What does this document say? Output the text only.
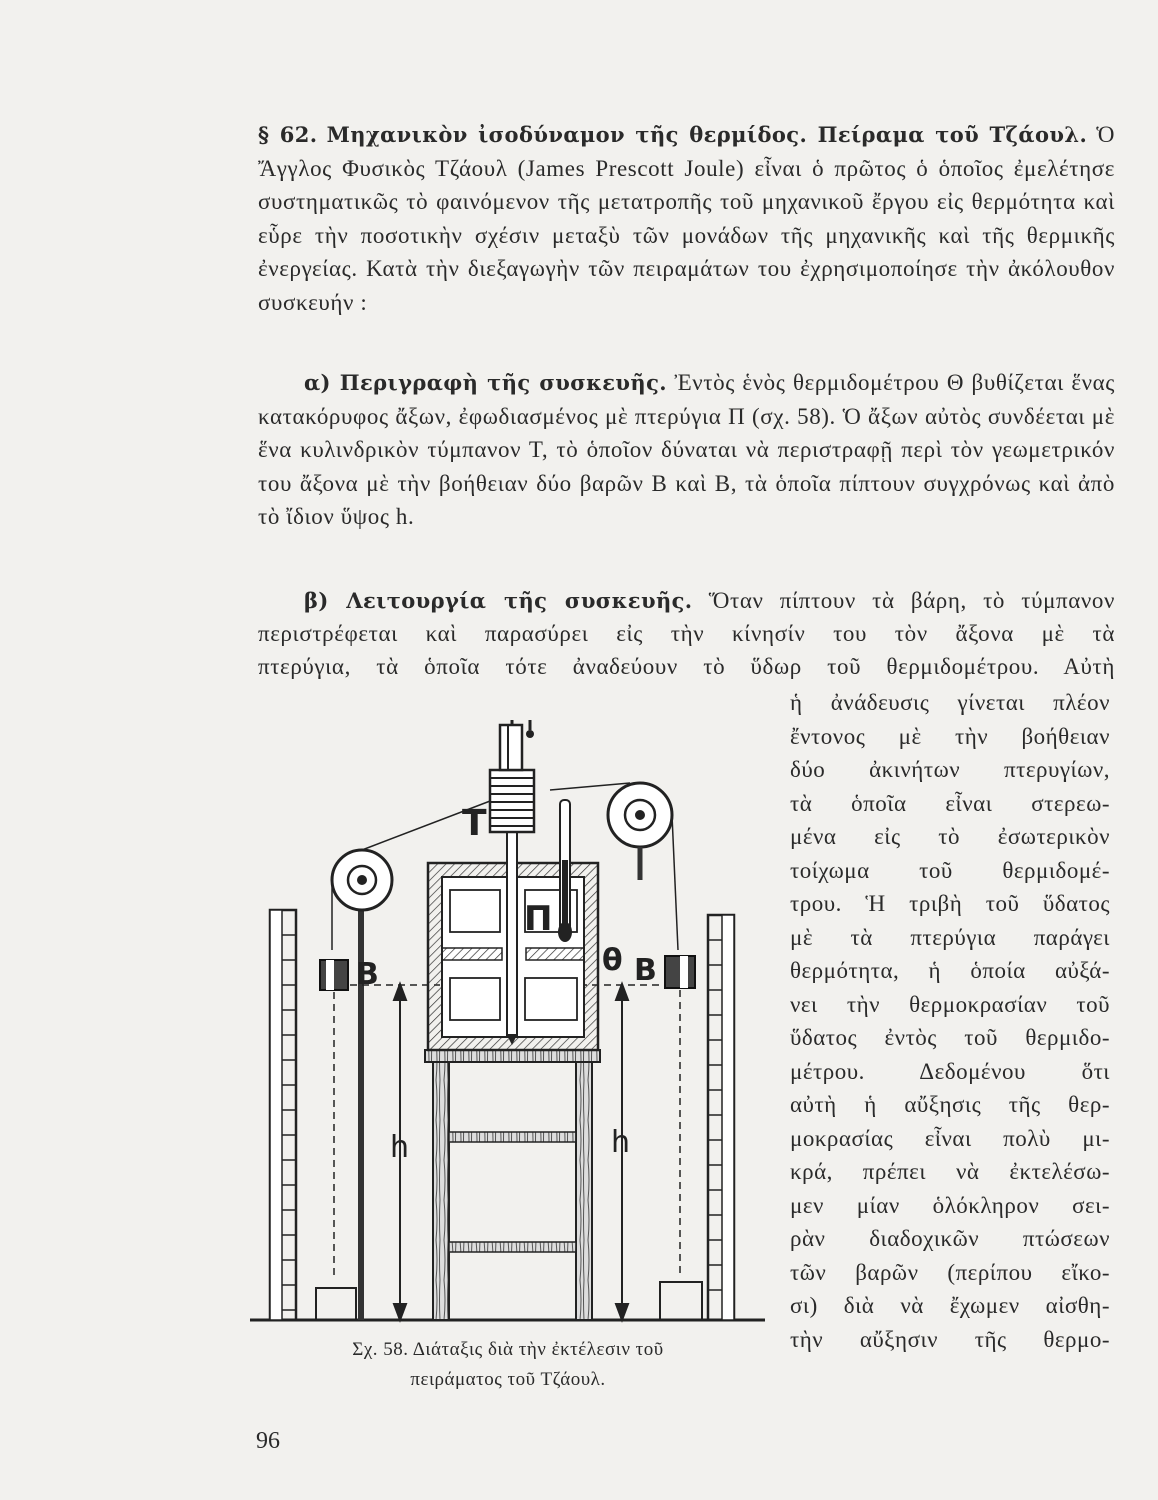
§ 62. Μηχανικὸν ἰσοδύναμον τῆς θερμίδος. Πείραμα τοῦ Τζάουλ. Ὁ Ἄγγλος Φυσικὸς Τζάουλ (James Prescott Joule) εἶναι ὁ πρῶτος ὁ ὁποῖος ἐμελέτησε συστηματικῶς τὸ φαινόμενον τῆς μετατροπῆς τοῦ μηχανικοῦ ἔργου εἰς θερμότητα καὶ εὗρε τὴν ποσοτικὴν σχέσιν μεταξὺ τῶν μονάδων τῆς μηχανικῆς καὶ τῆς θερμικῆς ἐνεργείας. Κατὰ τὴν διεξαγωγὴν τῶν πειραμάτων του ἐχρησιμοποίησε τὴν ἀκόλουθον συσκευήν :
α) Περιγραφὴ τῆς συσκευῆς. Ἐντὸς ἑνὸς θερμιδομέτρου Θ βυθίζεται ἕνας κατακόρυφος ἄξων, ἐφωδιασμένος μὲ πτερύγια Π (σχ. 58). Ὁ ἄξων αὐτὸς συνδέεται μὲ ἕνα κυλινδρικὸν τύμπανον Τ, τὸ ὁποῖον δύναται νὰ περιστραφῇ περὶ τὸν γεωμετρικόν του ἄξονα μὲ τὴν βοήθειαν δύο βαρῶν Β καὶ Β, τὰ ὁποῖα πίπτουν συγχρόνως καὶ ἀπὸ τὸ ἴδιον ὕψος h.
β) Λειτουργία τῆς συσκευῆς. Ὅταν πίπτουν τὰ βάρη, τὸ τύμπανον
περιστρέφεται καὶ παρασύρει εἰς τὴν κίνησίν του τὸν ἄξονα μὲ τὰ
πτερύγια, τὰ ὁποῖα τότε ἀναδεύουν τὸ ὕδωρ τοῦ θερμιδομέτρου. Αὐτὴ
ἡ ἀνάδευσις γίνεται πλέον
ἔντονος μὲ τὴν βοήθειαν
δύο ἀκινήτων πτερυγίων,
τὰ ὁποῖα εἶναι στερεω-
μένα εἰς τὸ ἐσωτερικὸν
τοίχωμα τοῦ θερμιδομέ-
τρου. Ἡ τριβὴ τοῦ ὕδατος
μὲ τὰ πτερύγια παράγει
θερμότητα, ἡ ὁποία αὐξά-
νει τὴν θερμοκρασίαν τοῦ
ὕδατος ἐντὸς τοῦ θερμιδο-
μέτρου. Δεδομένου ὅτι
αὐτὴ ἡ αὔξησις τῆς θερ-
μοκρασίας εἶναι πολὺ μι-
κρά, πρέπει νὰ ἐκτελέσω-
μεν μίαν ὁλόκληρον σει-
ρὰν διαδοχικῶν πτώσεων
τῶν βαρῶν (περίπου εἴκο-
σι) διὰ νὰ ἔχωμεν αἰσθη-
τὴν αὔξησιν τῆς θερμο-
T
Π
θ
B	B
h	h
Σχ. 58. Διάταξις διὰ τὴν ἐκτέλεσιν τοῦ
πειράματος τοῦ Τζάουλ.
96
